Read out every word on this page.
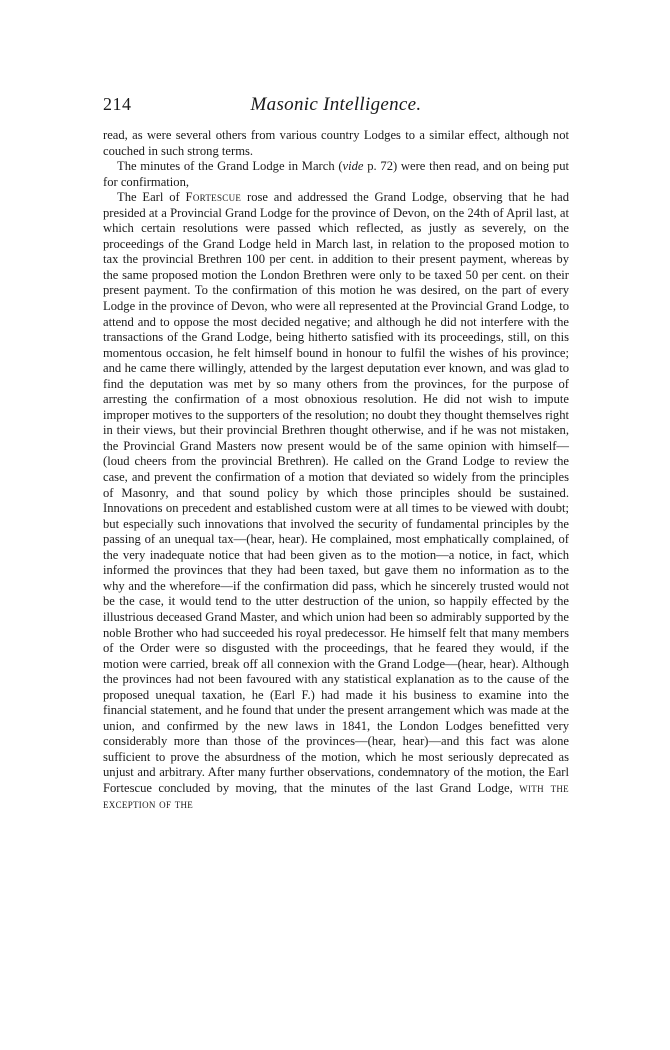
214	Masonic Intelligence.

read, as were several others from various country Lodges to a similar effect, although not couched in such strong terms.

The minutes of the Grand Lodge in March (vide p. 72) were then read, and on being put for confirmation,

The Earl of Fortescue rose and addressed the Grand Lodge, observing that he had presided at a Provincial Grand Lodge for the province of Devon, on the 24th of April last, at which certain resolutions were passed which reflected, as justly as severely, on the proceedings of the Grand Lodge held in March last, in relation to the proposed motion to tax the provincial Brethren 100 per cent. in addition to their present payment, whereas by the same proposed motion the London Brethren were only to be taxed 50 per cent. on their present payment. To the confirmation of this motion he was desired, on the part of every Lodge in the province of Devon, who were all represented at the Provincial Grand Lodge, to attend and to oppose the most decided negative; and although he did not interfere with the transactions of the Grand Lodge, being hitherto satisfied with its proceedings, still, on this momentous occasion, he felt himself bound in honour to fulfil the wishes of his province; and he came there willingly, attended by the largest deputation ever known, and was glad to find the deputation was met by so many others from the provinces, for the purpose of arresting the confirmation of a most obnoxious resolution. He did not wish to impute improper motives to the supporters of the resolution; no doubt they thought themselves right in their views, but their provincial Brethren thought otherwise, and if he was not mistaken, the Provincial Grand Masters now present would be of the same opinion with himself—(loud cheers from the provincial Brethren). He called on the Grand Lodge to review the case, and prevent the confirmation of a motion that deviated so widely from the principles of Masonry, and that sound policy by which those principles should be sustained. Innovations on precedent and established custom were at all times to be viewed with doubt; but especially such innovations that involved the security of fundamental principles by the passing of an unequal tax—(hear, hear). He complained, most emphatically complained, of the very inadequate notice that had been given as to the motion—a notice, in fact, which informed the provinces that they had been taxed, but gave them no information as to the why and the wherefore—if the confirmation did pass, which he sincerely trusted would not be the case, it would tend to the utter destruction of the union, so happily effected by the illustrious deceased Grand Master, and which union had been so admirably supported by the noble Brother who had succeeded his royal predecessor. He himself felt that many members of the Order were so disgusted with the proceedings, that he feared they would, if the motion were carried, break off all connexion with the Grand Lodge—(hear, hear). Although the provinces had not been favoured with any statistical explanation as to the cause of the proposed unequal taxation, he (Earl F.) had made it his business to examine into the financial statement, and he found that under the present arrangement which was made at the union, and confirmed by the new laws in 1841, the London Lodges benefitted very considerably more than those of the provinces—(hear, hear)—and this fact was alone sufficient to prove the absurdness of the motion, which he most seriously deprecated as unjust and arbitrary. After many further observations, condemnatory of the motion, the Earl Fortescue concluded by moving, that the minutes of the last Grand Lodge, with the exception of the
